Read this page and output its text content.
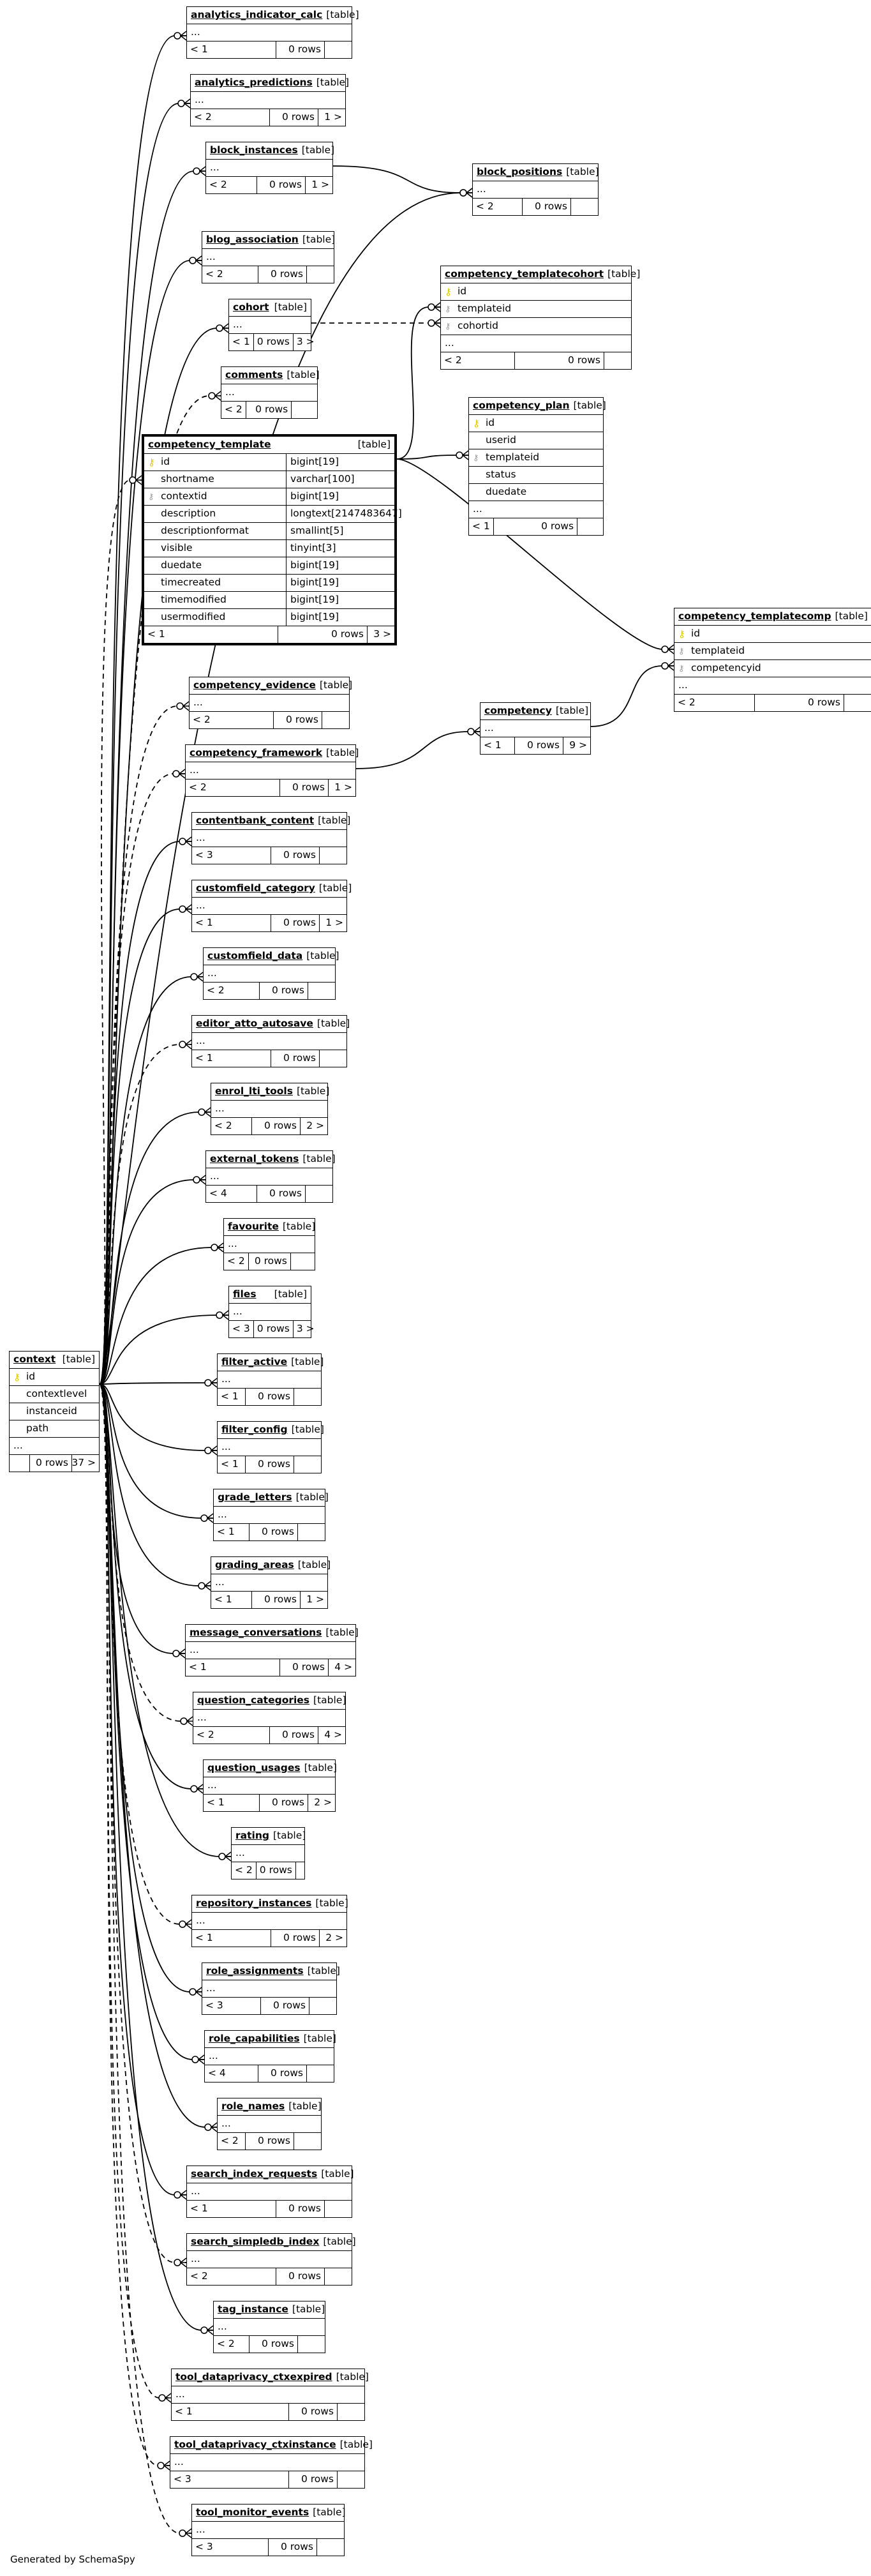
analytics_indicator_calc [table]
...
< 1	0 rows
analytics_predictions [table]
...
< 2	0 rows 1 >
block_instances [table]
...
< 2	0 rows 1 >
block_positions [table]
...
< 2	0 rows
blog_association [table]
...
< 2	0 rows
cohort [table]
...
< 1 0 rows 3 >
comments [table]
...
< 2	0 rows
competency_evidence [table]
...
< 2	0 rows
competency_framework [table]
...
< 2	0 rows 1 >
competency [table]
...
< 1	0 rows 9 >
contentbank_content [table]
...
< 3	0 rows
customfield_category [table]
...
< 1	0 rows 1 >
customfield_data [table]
...
< 2	0 rows
editor_atto_autosave [table]
...
< 1	0 rows
enrol_lti_tools [table]
...
< 2	0 rows 2 >
external_tokens [table]
...
< 4	0 rows
favourite [table]
...
< 2 0 rows
files [table]
...
< 3 0 rows 3 >
filter_active [table]
...
< 1	0 rows
filter_config [table]
...
< 1	0 rows
grade_letters [table]
...
< 1	0 rows
grading_areas [table]
...
< 1	0 rows 1 >
message_conversations [table]
...
< 1	0 rows 4 >
question_categories [table]
...
< 2	0 rows 4 >
question_usages [table]
...
< 1	0 rows 2 >
rating [table]
...
< 2 0 rows
repository_instances [table]
...
< 1	0 rows 2 >
role_assignments [table]
...
< 3	0 rows
role_capabilities [table]
...
< 4	0 rows
role_names [table]
...
< 2	0 rows
search_index_requests [table]
...
< 1	0 rows
search_simpledb_index [table]
...
< 2	0 rows
tag_instance [table]
...
< 2	0 rows
tool_dataprivacy_ctxexpired [table]
...
< 1	0 rows
tool_dataprivacy_ctxinstance [table]
...
< 3	0 rows
tool_monitor_events [table]
...
< 3	0 rows
competency_templatecohort [table]
⚷ id
⚷ templateid
⚷ cohortid
...
< 2	0 rows
competency_plan [table]
⚷ id
userid
⚷ templateid
status
duedate
...
< 1	0 rows
competency_templatecomp [table]
⚷ id
⚷ templateid
⚷ competencyid
...
< 2	0 rows
competency_template	[table]
⚷ id	bigint[19]
shortname	varchar[100]
⚷ contextid	bigint[19]
description	longtext[2147483647]
descriptionformat	smallint[5]
visible	tinyint[3]
duedate	bigint[19]
timecreated	bigint[19]
timemodified	bigint[19]
usermodified	bigint[19]
< 1	0 rows 3 >
context [table]
⚷ id
contextlevel
instanceid
path
...
0 rows 37 >
Generated by SchemaSpy
